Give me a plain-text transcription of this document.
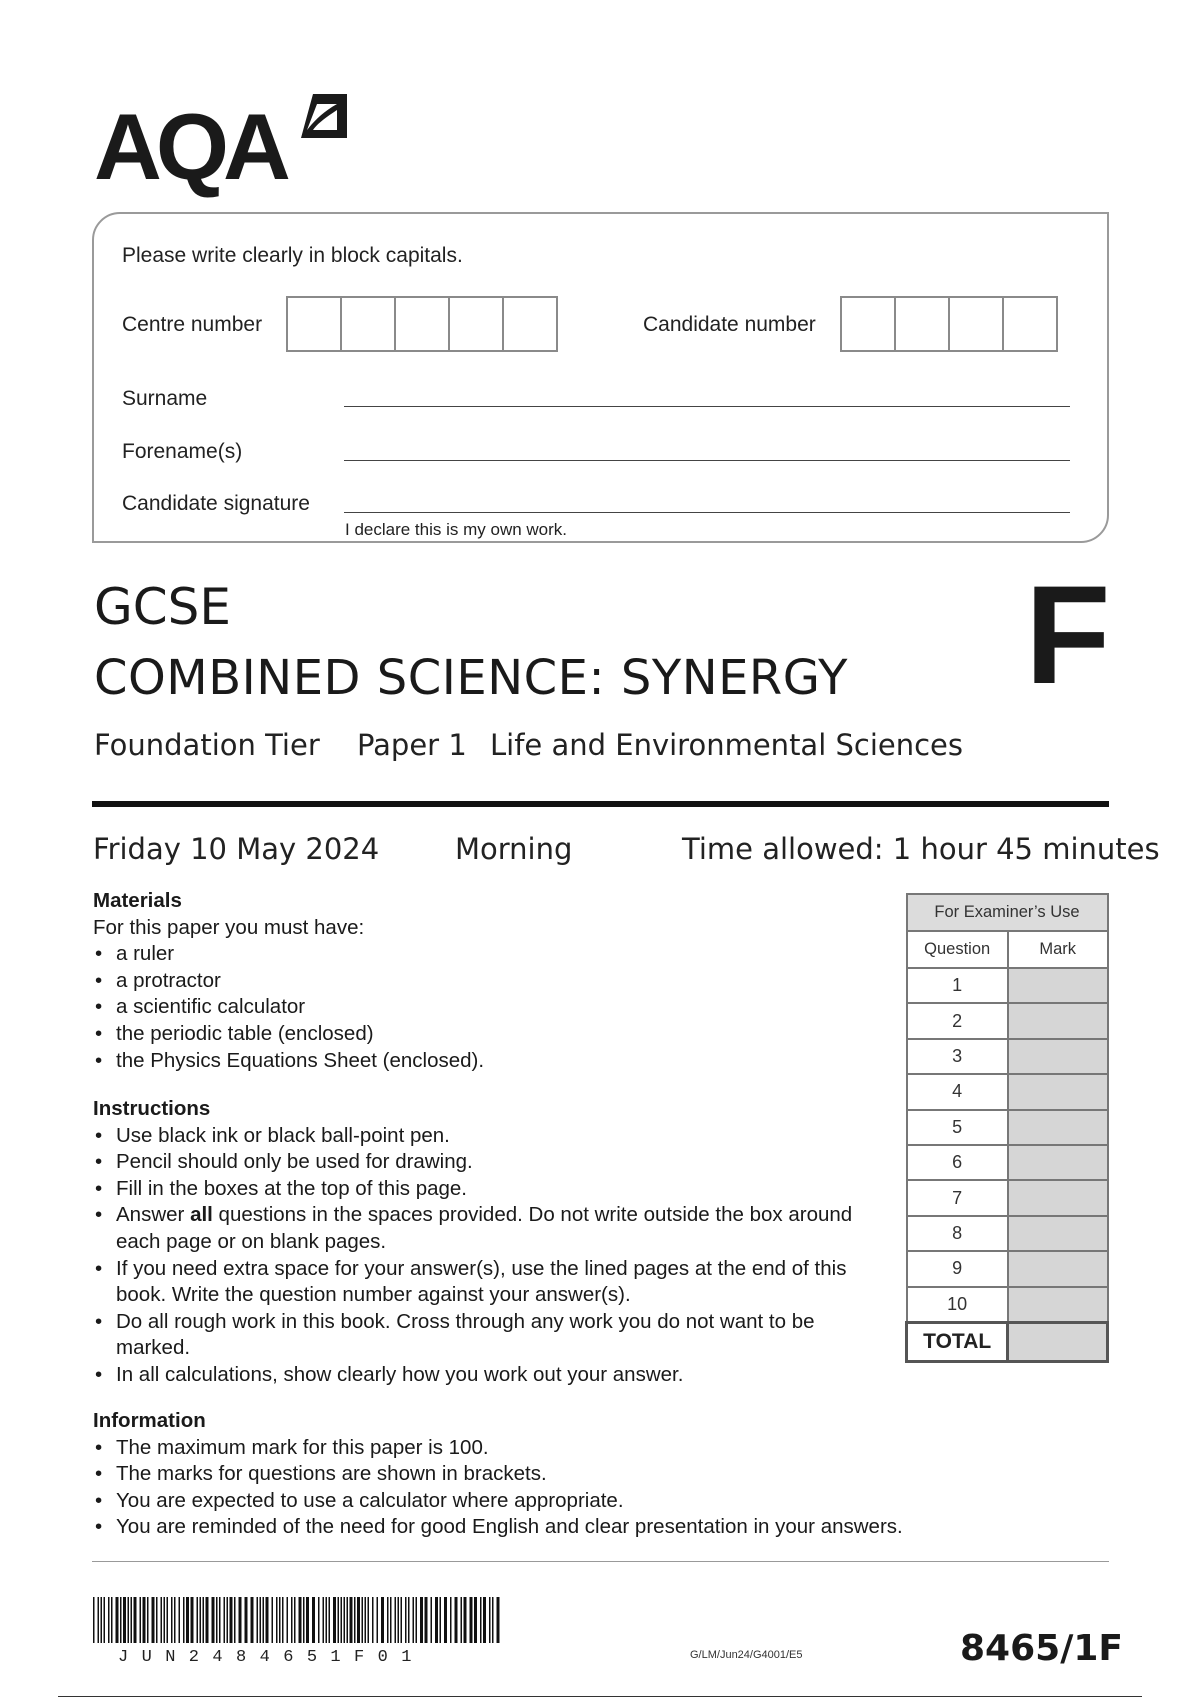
AQA
Please write clearly in block capitals.
Centre number	Candidate number
Surname
Forename(s)
Candidate signature
I declare this is my own work.
GCSE
COMBINED SCIENCE: SYNERGY
Foundation Tier Paper 1 Life and Environmental Sciences
F
Friday 10 May 2024	Morning	Time allowed: 1 hour 45 minutes
Materials

For this paper you must have:

• a ruler
• a protractor
• a scientific calculator
• the periodic table (enclosed)
• the Physics Equations Sheet (enclosed).
Instructions
• Use black ink or black ball-point pen.
• Pencil should only be used for drawing.
• Fill in the boxes at the top of this page.
• Answer all questions in the spaces provided. Do not write outside the box around each page or on blank pages.
• If you need extra space for your answer(s), use the lined pages at the end of this book. Write the question number against your answer(s).
• Do all rough work in this book. Cross through any work you do not want to be marked.
• In all calculations, show clearly how you work out your answer.
Information
• The maximum mark for this paper is 100.
• The marks for questions are shown in brackets.
• You are expected to use a calculator where appropriate.
• You are reminded of the need for good English and clear presentation in your answers.
For Examiner’s Use	
Question	Mark
1	
2	
3	
4	
5	
6	
7	
8	
9	
10	
TOTAL	
JUN2484651F01	G/LM/Jun24/G4001/E5	8465/1F
